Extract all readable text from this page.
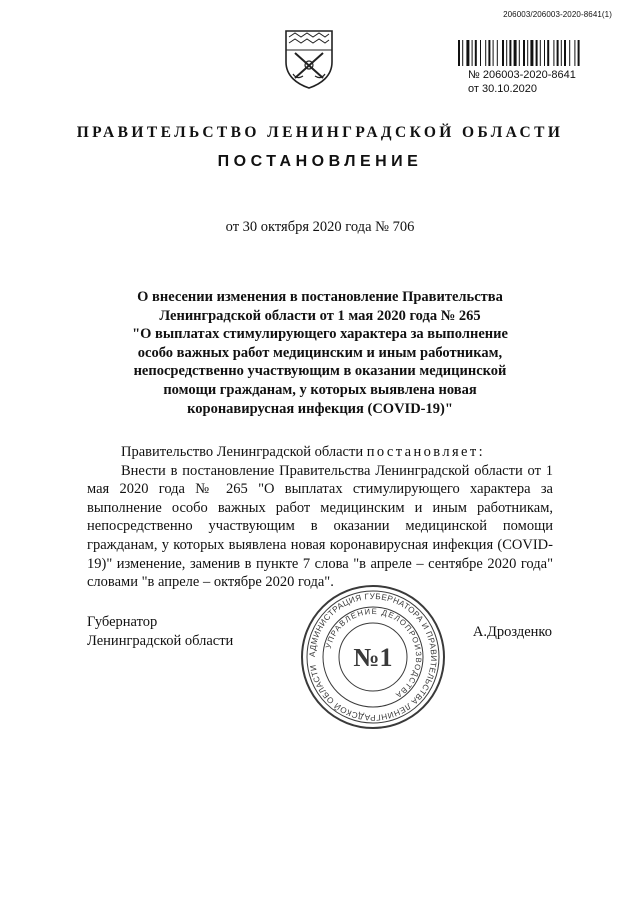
206003/206003-2020-8641(1)
№ 206003-2020-8641
от 30.10.2020
ПРАВИТЕЛЬСТВО ЛЕНИНГРАДСКОЙ ОБЛАСТИ
ПОСТАНОВЛЕНИЕ
от 30 октября 2020 года № 706
О внесении изменения в постановление Правительства
Ленинградской области от 1 мая 2020 года № 265
"О выплатах стимулирующего характера за выполнение
особо важных работ медицинским и иным работникам,
непосредственно участвующим в оказании медицинской
помощи гражданам, у которых выявлена новая
коронавирусная инфекция (COVID-19)"

Правительство Ленинградской области постановляет:

Внести в постановление Правительства Ленинградской области от 1 мая 2020 года № 265 "О выплатах стимулирующего характера за выполнение особо важных работ медицинским и иным работникам, непосредственно участвующим в оказании медицинской помощи гражданам, у которых выявлена новая коронавирусная инфекция (COVID-19)" изменение, заменив в пункте 7 слова "в апреле – сентябре 2020 года" словами "в апреле – октябре 2020 года".

Губернатор
Ленинградской области
А.Дрозденко
АДМИНИСТРАЦИЯ ГУБЕРНАТОРА И ПРАВИТЕЛЬСТВА ЛЕНИНГРАДСКОЙ ОБЛАСТИ
УПРАВЛЕНИЕ ДЕЛОПРОИЗВОДСТВА
№1
